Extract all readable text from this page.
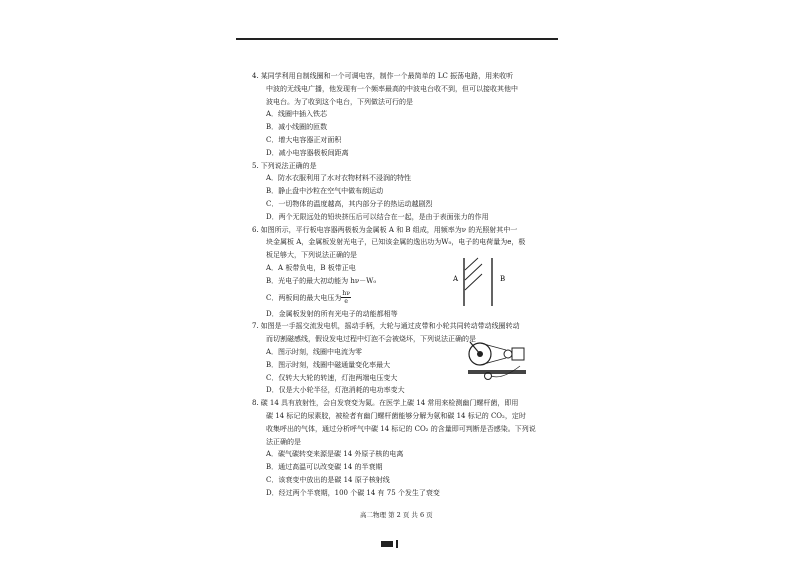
4. 某同学利用自制线圈和一个可调电容，制作一个最简单的 LC 振荡电路，用来收听

中波的无线电广播，他发现有一个频率最高的中波电台收不到，但可以接收其他中

波电台。为了收到这个电台，下列做法可行的是

A．线圈中插入铁芯

B．减小线圈的匝数

C．增大电容器正对面积

D．减小电容器极板间距离

5. 下列说法正确的是

A．防水衣服利用了水对衣物材料不浸润的特性

B．静止盘中沙粒在空气中做布朗运动

C．一切物体的温度越高，其内部分子的热运动越剧烈

D．两个无限远处的铅块挤压后可以结合在一起，是由于表面张力的作用

6. 如图所示，平行板电容器两极板为金属板 A 和 B 组成，用频率为ν 的光照射其中一

块金属板 A，金属板发射光电子，已知该金属的逸出功为W₀，电子的电荷量为e，极

板足够大，下列说法正确的是

A．A 板带负电，B 板带正电

B．光电子的最大初动能为 hν－W₀

C．两板间的最大电压为 $\frac{h\nu}{e}$

D．金属板发射的所有光电子的动能都相等

7. 如图是一手摇交流发电机，摇动手柄，大轮与通过皮带和小轮共同转动带动线圈转动

而切割磁感线，假设发电过程中灯泡不会被烧坏，下列说法正确的是

A．图示时刻，线圈中电流为零

B．图示时刻，线圈中磁通量变化率最大

C．仅转大大轮的转速，灯泡两端电压变大

D．仅是大小轮半径，灯泡消耗的电功率变大

8. 碳 14 具有放射性，会自发衰变为氮。在医学上碳 14 常用来检测幽门螺杆菌，即用

碳 14 标记的尿素胶，被检者有幽门螺杆菌能够分解为氨和碳 14 标记的 CO₂，定时

收集呼出的气体，通过分析呼气中碳 14 标记的 CO₂ 的含量即可判断是否感染。下列说

法正确的是

A．碳气碳转变来源是碳 14 外原子核的电离

B．通过高温可以改变碳 14 的半衰期

C．该衰变中放出的是碳 14 原子核射线

D．经过两个半衰期，100 个碳 14 有 75 个发生了衰变

A	B
高二物理 第 2 页 共 6 页
